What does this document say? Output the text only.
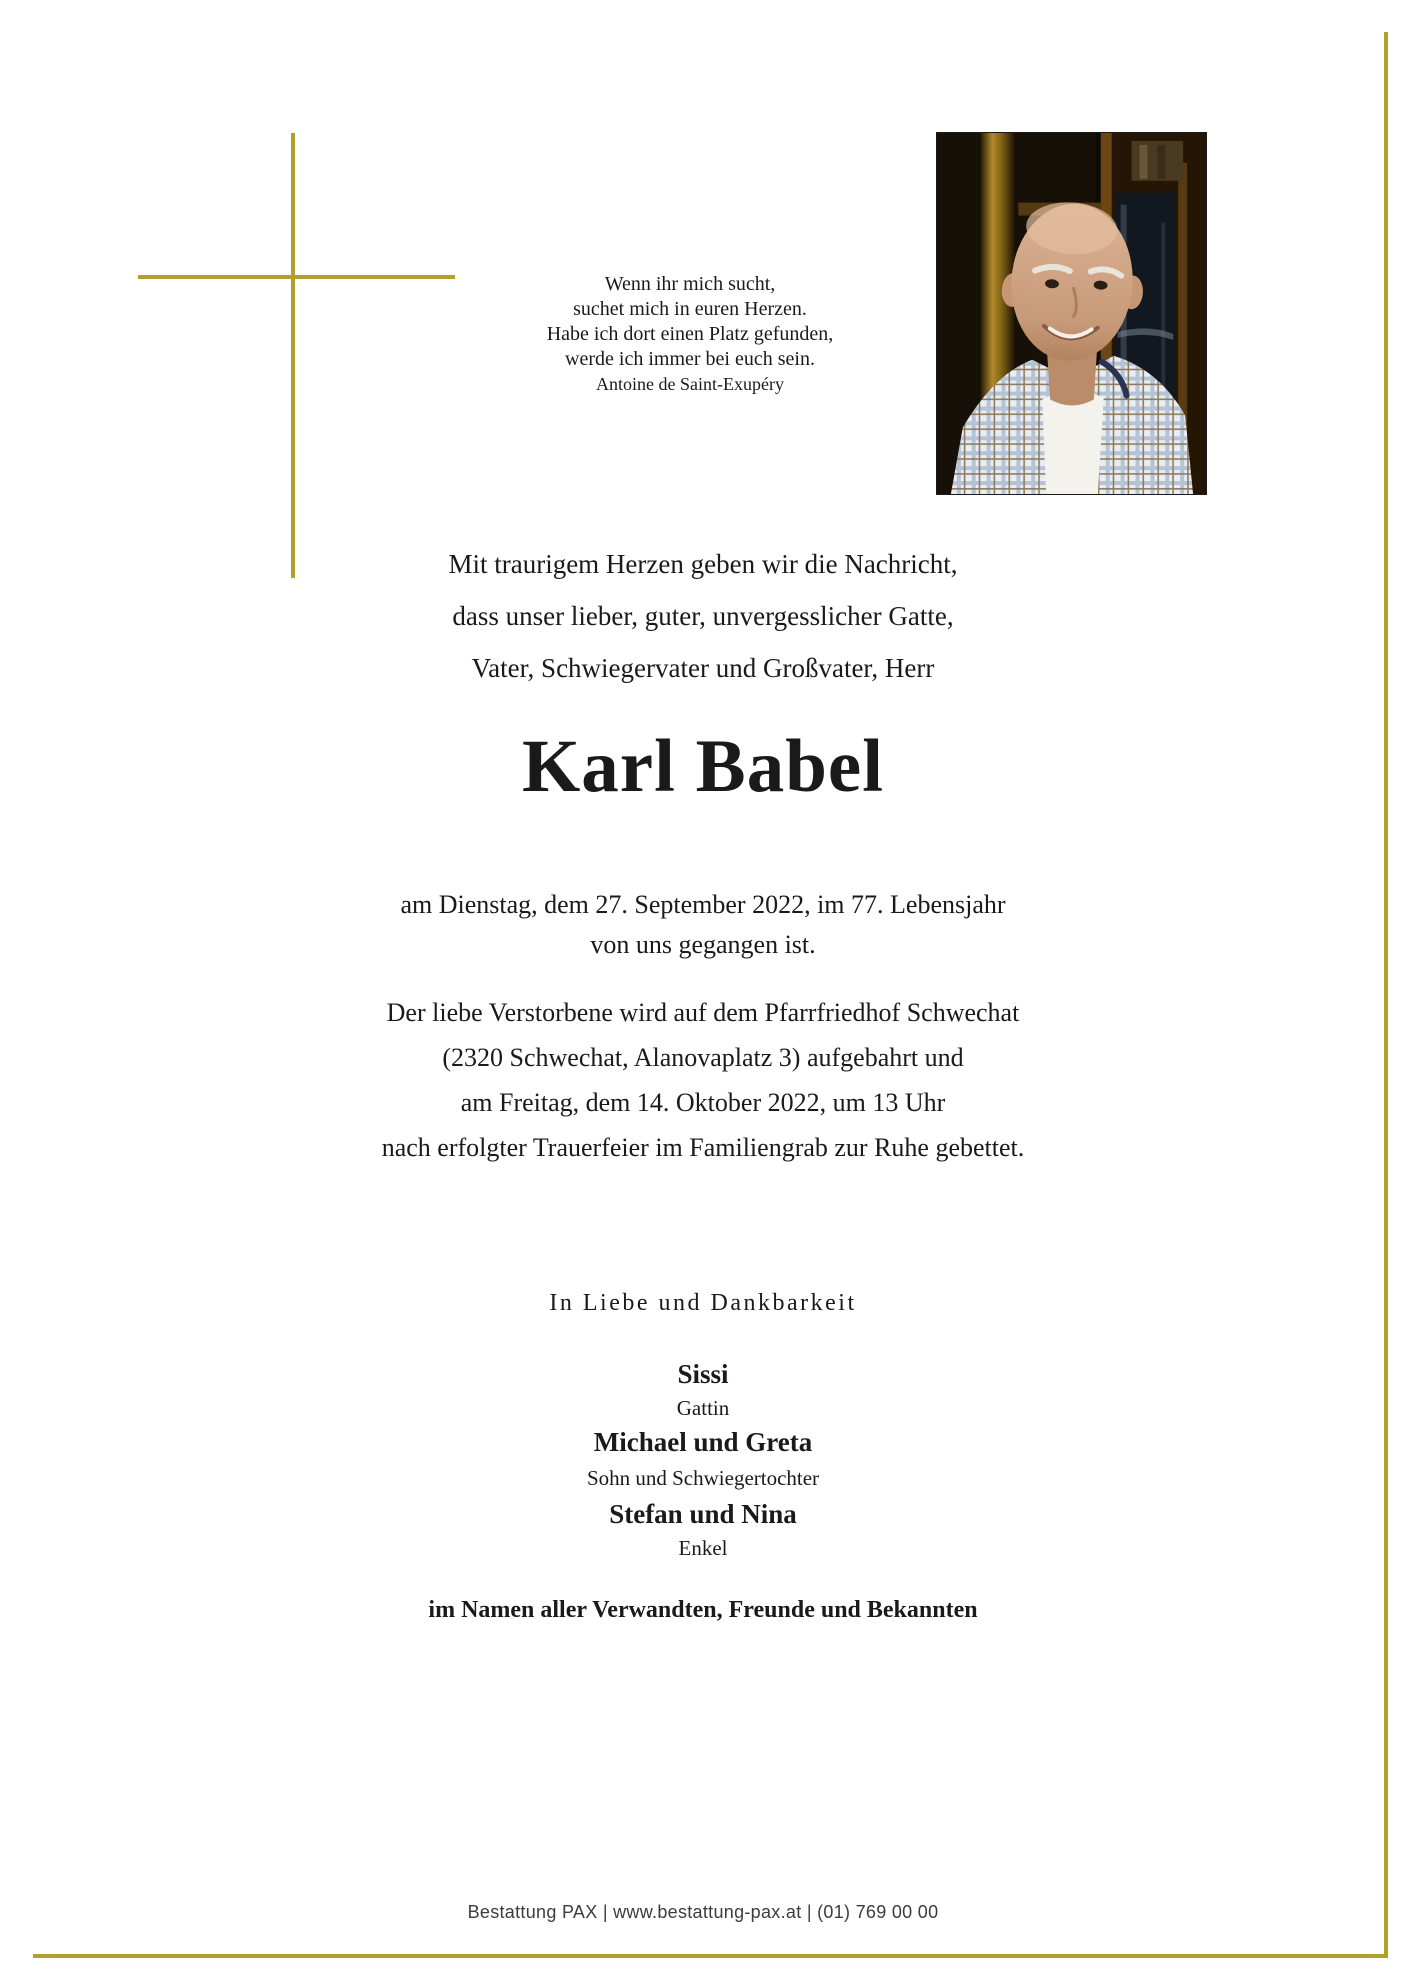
Wenn ihr mich sucht,
suchet mich in euren Herzen.
Habe ich dort einen Platz gefunden,
werde ich immer bei euch sein.
Antoine de Saint-Exupéry
Mit traurigem Herzen geben wir die Nachricht,
dass unser lieber, guter, unvergesslicher Gatte,
Vater, Schwiegervater und Großvater, Herr
Karl Babel
am Dienstag, dem 27. September 2022, im 77. Lebensjahr
von uns gegangen ist.
Der liebe Verstorbene wird auf dem Pfarrfriedhof Schwechat
(2320 Schwechat, Alanovaplatz 3) aufgebahrt und
am Freitag, dem 14. Oktober 2022, um 13 Uhr
nach erfolgter Trauerfeier im Familiengrab zur Ruhe gebettet.
In Liebe und Dankbarkeit
Sissi
Gattin
Michael und Greta
Sohn und Schwiegertochter
Stefan und Nina
Enkel
im Namen aller Verwandten, Freunde und Bekannten
Bestattung PAX | www.bestattung-pax.at | (01) 769 00 00
